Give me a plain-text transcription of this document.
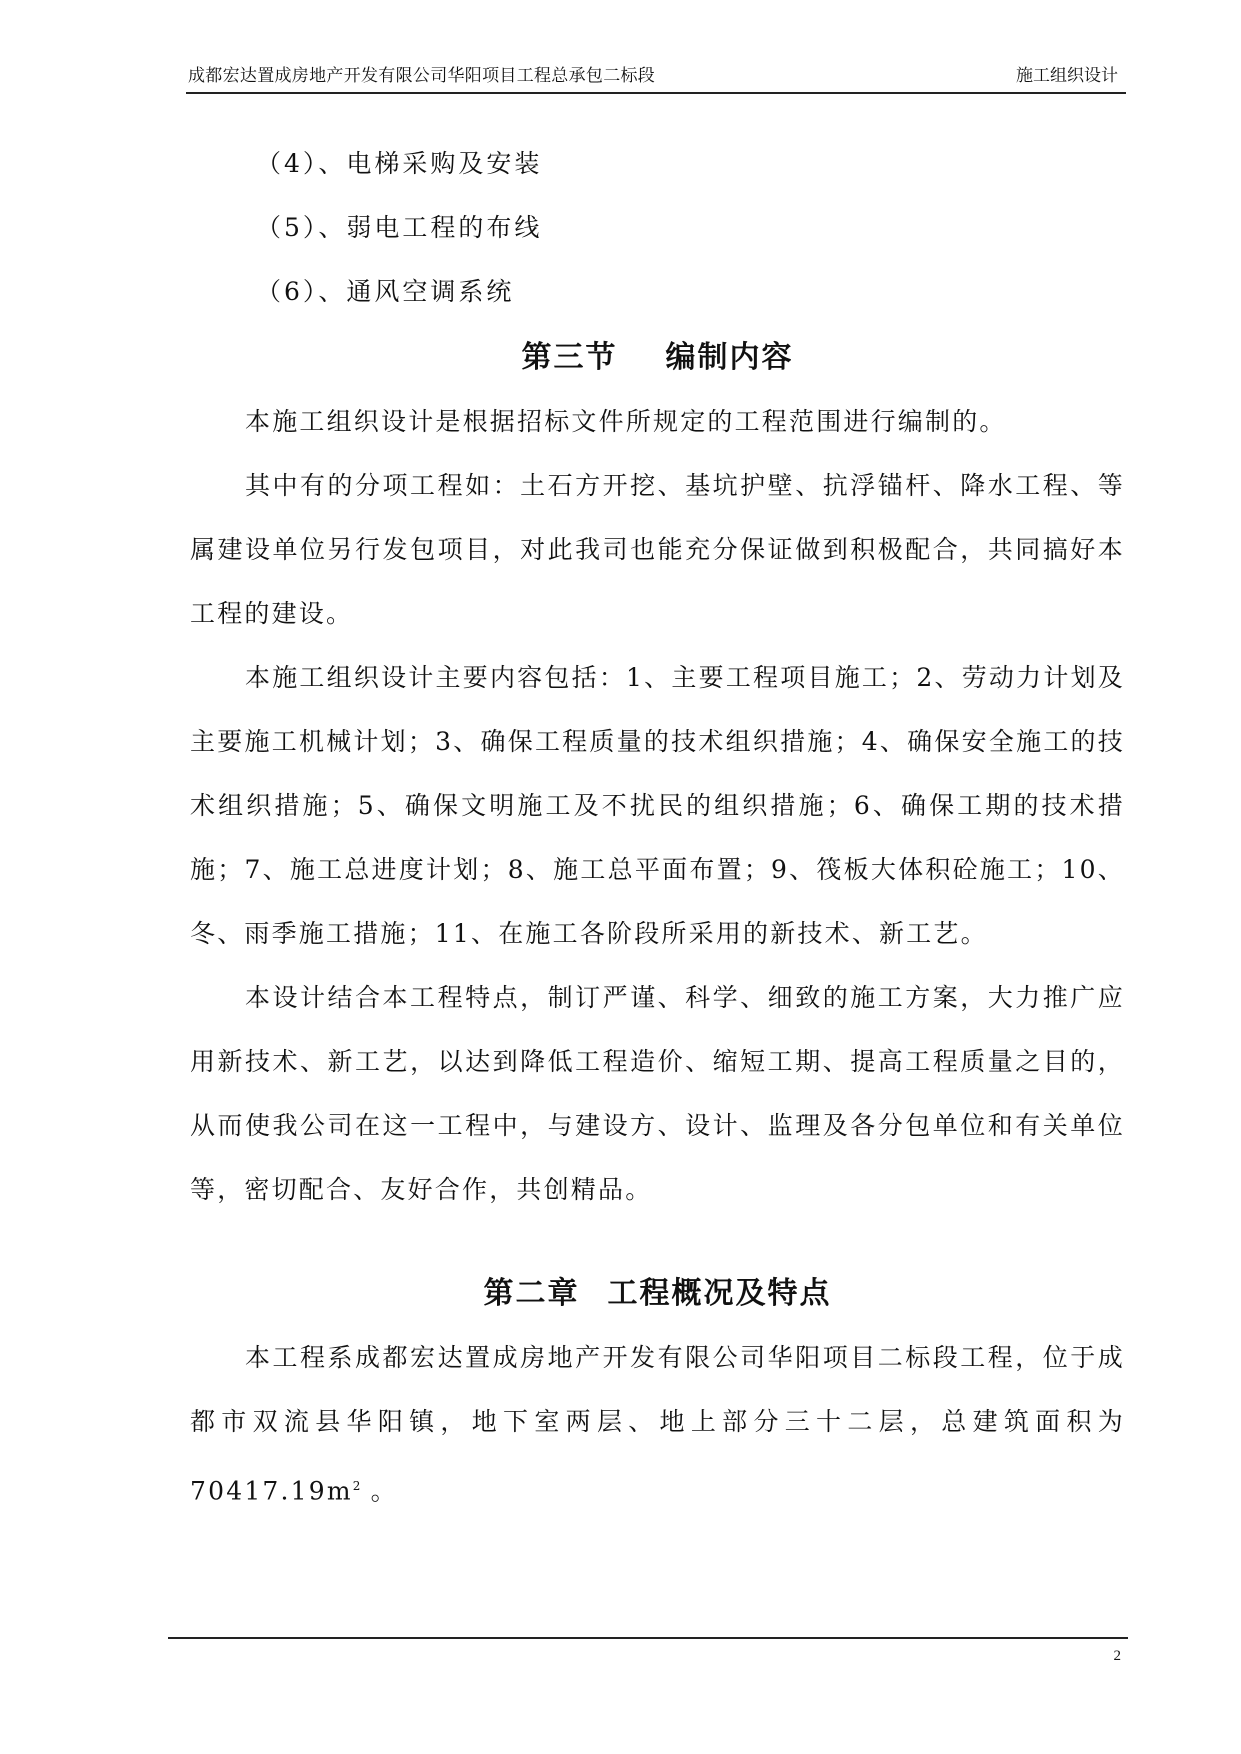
成都宏达置成房地产开发有限公司华阳项目工程总承包二标段	施工组织设计
（4）、电梯采购及安装
（5）、弱电工程的布线
（6）、通风空调系统
第三节 编制内容

本施工组织设计是根据招标文件所规定的工程范围进行编制的。

其中有的分项工程如：土石方开挖、基坑护壁、抗浮锚杆、降水工程、等属建设单位另行发包项目，对此我司也能充分保证做到积极配合，共同搞好本工程的建设。

本施工组织设计主要内容包括：1、主要工程项目施工；2、劳动力计划及主要施工机械计划；3、确保工程质量的技术组织措施；4、确保安全施工的技术组织措施；5、确保文明施工及不扰民的组织措施；6、确保工期的技术措施；7、施工总进度计划；8、施工总平面布置；9、筏板大体积砼施工；10、冬、雨季施工措施；11、在施工各阶段所采用的新技术、新工艺。

本设计结合本工程特点，制订严谨、科学、细致的施工方案，大力推广应用新技术、新工艺，以达到降低工程造价、缩短工期、提高工程质量之目的，从而使我公司在这一工程中，与建设方、设计、监理及各分包单位和有关单位等，密切配合、友好合作，共创精品。

第二章 工程概况及特点

本工程系成都宏达置成房地产开发有限公司华阳项目二标段工程，位于成都市双流县华阳镇，地下室两层、地上部分三十二层，总建筑面积为$70417.19m^2$ 。

2
